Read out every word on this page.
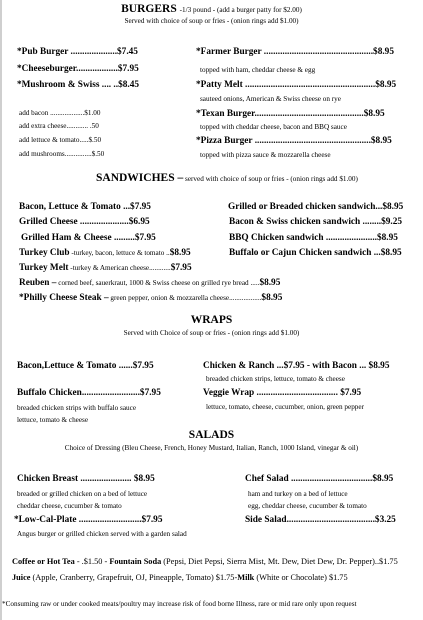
BURGERS -1/3 pound - (add a burger patty for $2.00)
Served with choice of soup or fries - (onion rings add $1.00)
*Pub Burger ....................$7.45
*Cheeseburger..................$7.95
*Mushroom & Swiss .... ..$8.45
add bacon ...................$1.00
add extra cheese............ .50
add lettuce & tomato.....$.50
add mushrooms...............$.50
*Farmer Burger ...............................................$8.95
topped with ham, cheddar cheese & egg
*Patty Melt ........................................................$8.95
sauteed onions, American & Swiss cheese on rye
*Texan Burger...............................................$8.95
topped with cheddar cheese, bacon and BBQ sauce
*Pizza Burger ..................................................$8.95
topped with pizza sauce & mozzarella cheese
SANDWICHES – served with choice of soup or fries - (onion rings add $1.00)
Bacon, Lettuce & Tomato ...$7.95
Grilled Cheese .....................$6.95
Grilled Ham & Cheese .........$7.95
Turkey Club -turkey, bacon, lettuce & tomato ..$8.95
Turkey Melt -turkey & American cheese............$7.95
Reuben – corned beef, sauerkraut, 1000 & Swiss cheese on grilled rye bread .....$8.95
*Philly Cheese Steak – green pepper, onion & mozzarella cheese..................$8.95
Grilled or Breaded chicken sandwich...$8.95
Bacon & Swiss chicken sandwich ........$9.25
BBQ Chicken sandwich ......................$8.95
Buffalo or Cajun Chicken sandwich ...$8.95
WRAPS
Served with Choice of soup or fries - (onion rings add $1.00)
Bacon,Lettuce & Tomato ......$7.95
Buffalo Chicken.........................$7.95
breaded chicken strips with buffalo sauce
lettuce, tomato & cheese
Chicken & Ranch ...$7.95 - with Bacon ... $8.95
breaded chicken strips, lettuce, tomato & cheese
Veggie Wrap ................................... $7.95
lettuce, tomato, cheese, cucumber, onion, green pepper
SALADS
Choice of Dressing (Bleu Cheese, French, Honey Mustard, Italian, Ranch, 1000 Island, vinegar & oil)
Chicken Breast ...................... $8.95
breaded or grilled chicken on a bed of lettuce
cheddar cheese, cucumber & tomato
*Low-Cal-Plate ...........................$7.95
Angus burger or grilled chicken served with a garden salad
Chef Salad ...................................$8.95
ham and turkey on a bed of lettuce
egg, cheddar cheese, cucumber & tomato
Side Salad......................................$3.25
Coffee or Hot Tea - .$1.50 - Fountain Soda (Pepsi, Diet Pepsi, Sierra Mist, Mt. Dew, Diet Dew, Dr. Pepper)..$1.75
Juice (Apple, Cranberry, Grapefruit, OJ, Pineapple, Tomato) $1.75-Milk (White or Chocolate) $1.75
*Consuming raw or under cooked meats/poultry may increase risk of food borne Illness, rare or mid rare only upon request
